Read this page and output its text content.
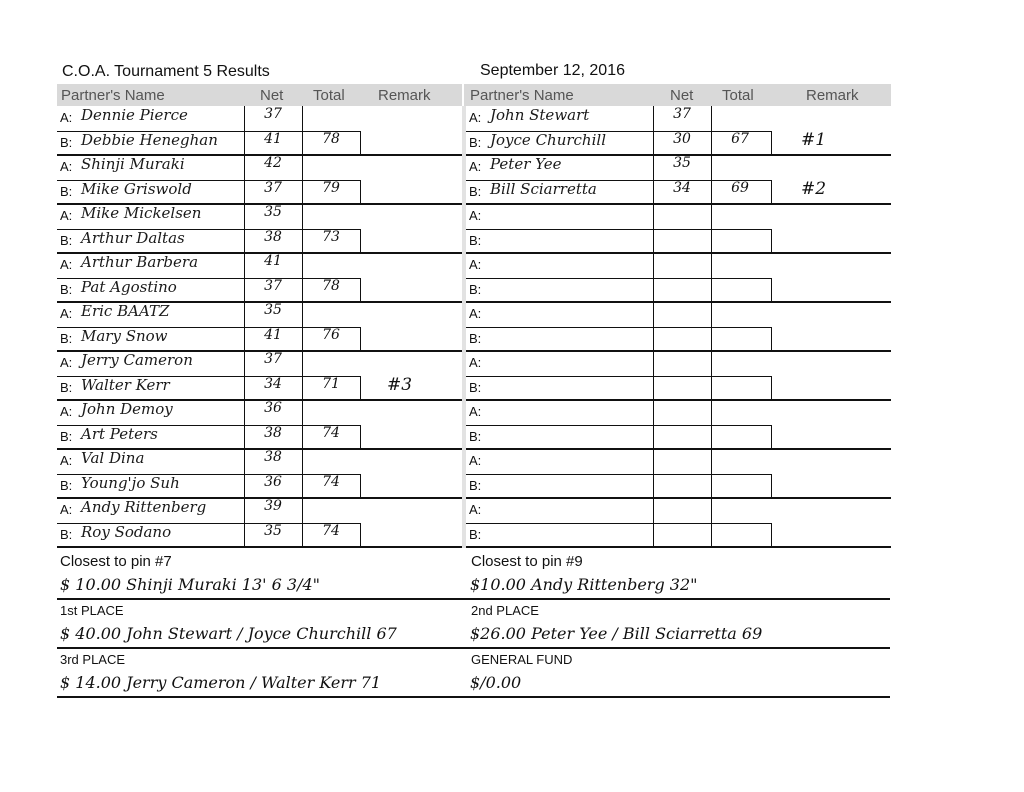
C.O.A. Tournament 5 Results	September 12, 2016
Partner's Name	Net Total Remark	Partner's Name	Net Total	Remark
A: Dennie Pierce	37
B: Debbie Heneghan	41	78
A: Shinji Muraki	42
B: Mike Griswold	37	79
A: Mike Mickelsen	35
B: Arthur Daltas	38	73
A: Arthur Barbera	41
B: Pat Agostino	37	78
A: Eric BAATZ	35
B: Mary Snow	41	76
A: Jerry Cameron	37
B: Walter Kerr	34	71	#3
A: John Demoy	36
B: Art Peters	38	74
A: Val Dina	38
B: Young'jo Suh	36	74
A: Andy Rittenberg	39
B: Roy Sodano	35	74
A: John Stewart	37
B: Joyce Churchill	30	67	#1
A: Peter Yee	35
B: Bill Sciarretta	34	69	#2
A:
B:
A:
B:
A:
B:
A:
B:
A:
B:
A:
B:
A:
B:
Closest to pin #7
$ 10.00 Shinji Muraki 13' 6 3/4"
Closest to pin #9
$10.00 Andy Rittenberg 32"
1st PLACE
$ 40.00 John Stewart / Joyce Churchill 67
2nd PLACE
$26.00 Peter Yee / Bill Sciarretta 69
3rd PLACE
$ 14.00 Jerry Cameron / Walter Kerr 71
GENERAL FUND
$/0.00
